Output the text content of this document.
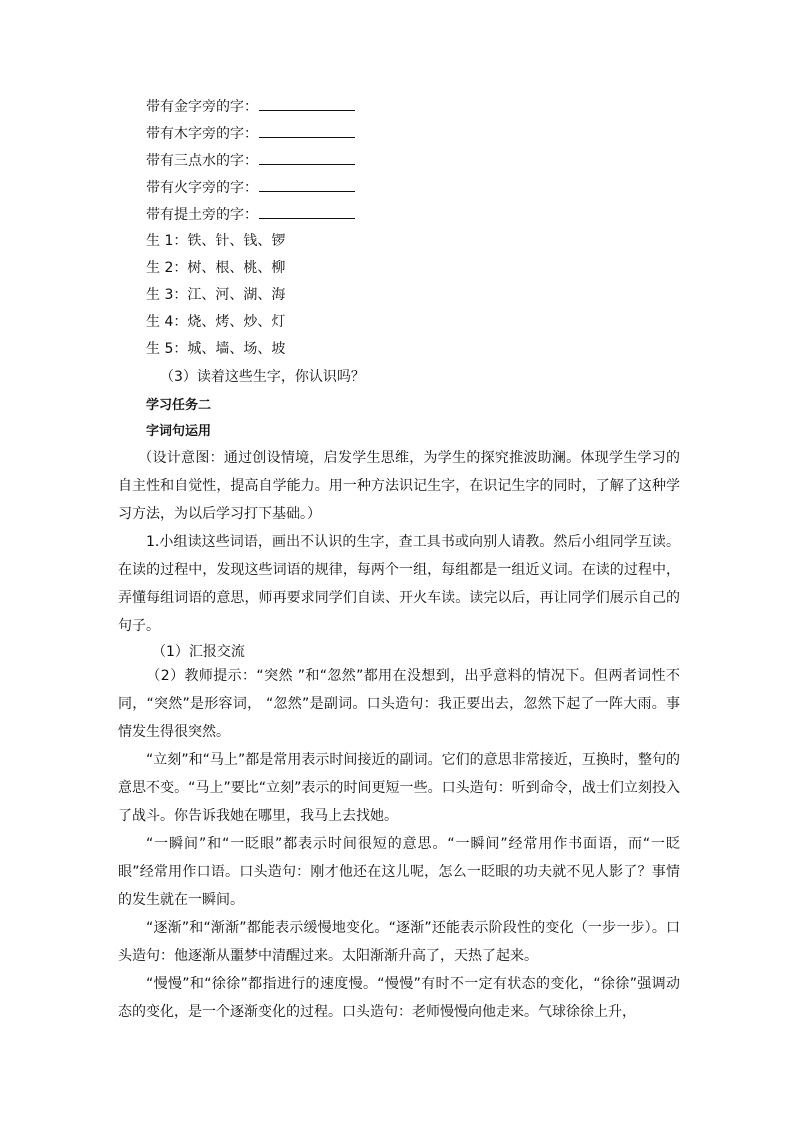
带有金字旁的字：
带有木字旁的字：
带有三点水的字：
带有火字旁的字：
带有提土旁的字：
生 1：铁、针、钱、锣
生 2：树、根、桃、柳
生 3：江、河、湖、海
生 4：烧、烤、炒、灯
生 5：城、墙、场、坡
（3）读着这些生字，你认识吗？
学习任务二
字词句运用
（设计意图：通过创设情境，启发学生思维，为学生的探究推波助澜。体现学生学习的自主性和自觉性，提高自学能力。用一种方法识记生字，在识记生字的同时，了解了这种学习方法，为以后学习打下基础。）
1.小组读这些词语，画出不认识的生字，查工具书或向别人请教。然后小组同学互读。在读的过程中，发现这些词语的规律，每两个一组，每组都是一组近义词。在读的过程中，弄懂每组词语的意思，师再要求同学们自读、开火车读。读完以后，再让同学们展示自己的句子。
（1）汇报交流
（2）教师提示：“突然 ”和“忽然”都用在没想到，出乎意料的情况下。但两者词性不同，“突然”是形容词， “忽然”是副词。口头造句：我正要出去，忽然下起了一阵大雨。事情发生得很突然。
“立刻”和“马上”都是常用表示时间接近的副词。它们的意思非常接近，互换时，整句的意思不变。“马上”要比“立刻”表示的时间更短一些。口头造句：听到命令，战士们立刻投入了战斗。你告诉我她在哪里，我马上去找她。
“一瞬间”和“一眨眼”都表示时间很短的意思。“一瞬间”经常用作书面语，而“一眨眼”经常用作口语。口头造句：刚才他还在这儿呢，怎么一眨眼的功夫就不见人影了？事情的发生就在一瞬间。
“逐渐”和“渐渐”都能表示缓慢地变化。“逐渐”还能表示阶段性的变化（一步一步）。口头造句：他逐渐从噩梦中清醒过来。太阳渐渐升高了，天热了起来。
“慢慢”和“徐徐”都指进行的速度慢。“慢慢”有时不一定有状态的变化，“徐徐”强调动态的变化，是一个逐渐变化的过程。口头造句：老师慢慢向他走来。气球徐徐上升，
